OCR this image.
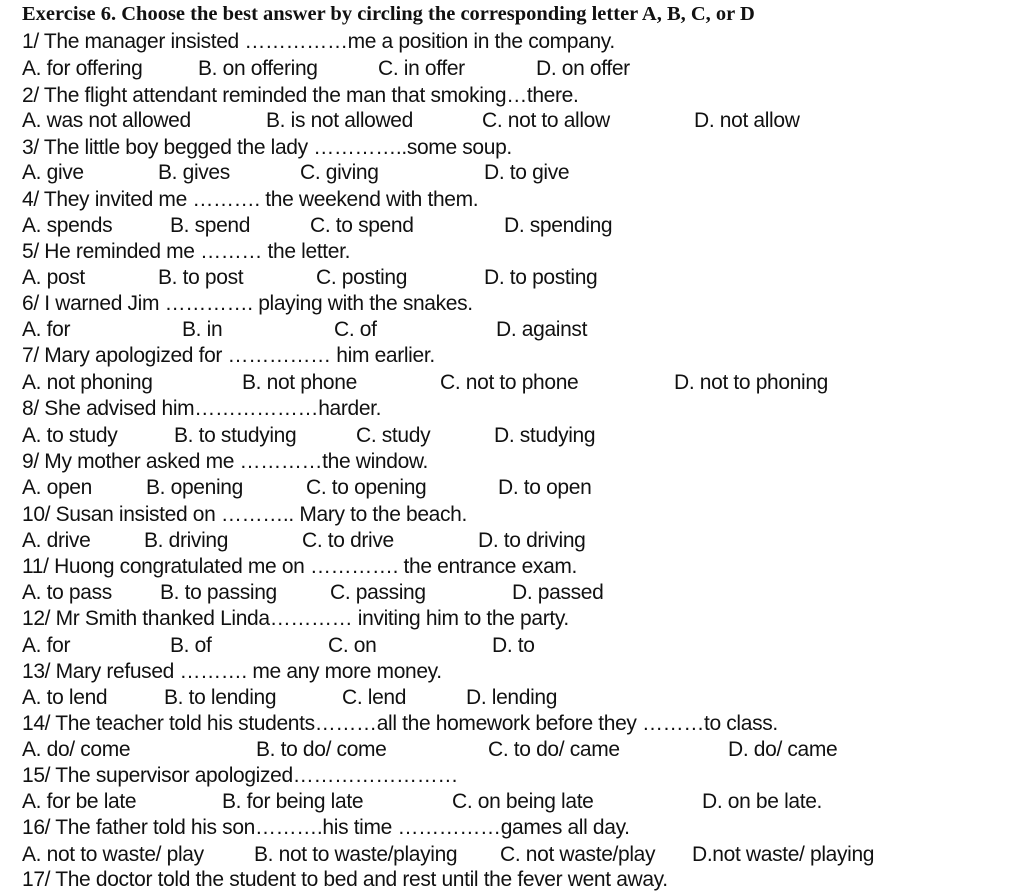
Exercise 6. Choose the best answer by circling the corresponding letter A, B, C, or D
1/ The manager insisted ……………me a position in the company.
A. for offering	B. on offering	C. in offer	D. on offer
2/ The flight attendant reminded the man that smoking…there.
A. was not allowed	B. is not allowed	C. not to allow	D. not allow
3/ The little boy begged the lady …………..some soup.
A. give	B. gives	C. giving	D. to give
4/ They invited me ………. the weekend with them.
A. spends	B. spend	C. to spend	D. spending
5/ He reminded me ……… the letter.
A. post	B. to post	C. posting	D. to posting
6/ I warned Jim …………. playing with the snakes.
A. for	B. in	C. of	D. against
7/ Mary apologized for …………… him earlier.
A. not phoning	B. not phone	C. not to phone	D. not to phoning
8/ She advised him………………harder.
A. to study	B. to studying	C. study	D. studying
9/ My mother asked me …………the window.
A. open	B. opening	C. to opening	D. to open
10/ Susan insisted on ……….. Mary to the beach.
A. drive	B. driving	C. to drive	D. to driving
11/ Huong congratulated me on …………. the entrance exam.
A. to pass B. to passing	C. passing	D. passed
12/ Mr Smith thanked Linda………… inviting him to the party.
A. for	B. of	C. on	D. to
13/ Mary refused ………. me any more money.
A. to lend	B. to lending	C. lend	D. lending
14/ The teacher told his students………all the homework before they ………to class.
A. do/ come	B. to do/ come	C. to do/ came	D. do/ came
15/ The supervisor apologized……………………
A. for be late	B. for being late	C. on being late	D. on be late.
16/ The father told his son……….his time ……………games all day.
A. not to waste/ play B. not to waste/playing C. not waste/play D.not waste/ playing
17/ The doctor told the student to bed and rest until the fever went away.
